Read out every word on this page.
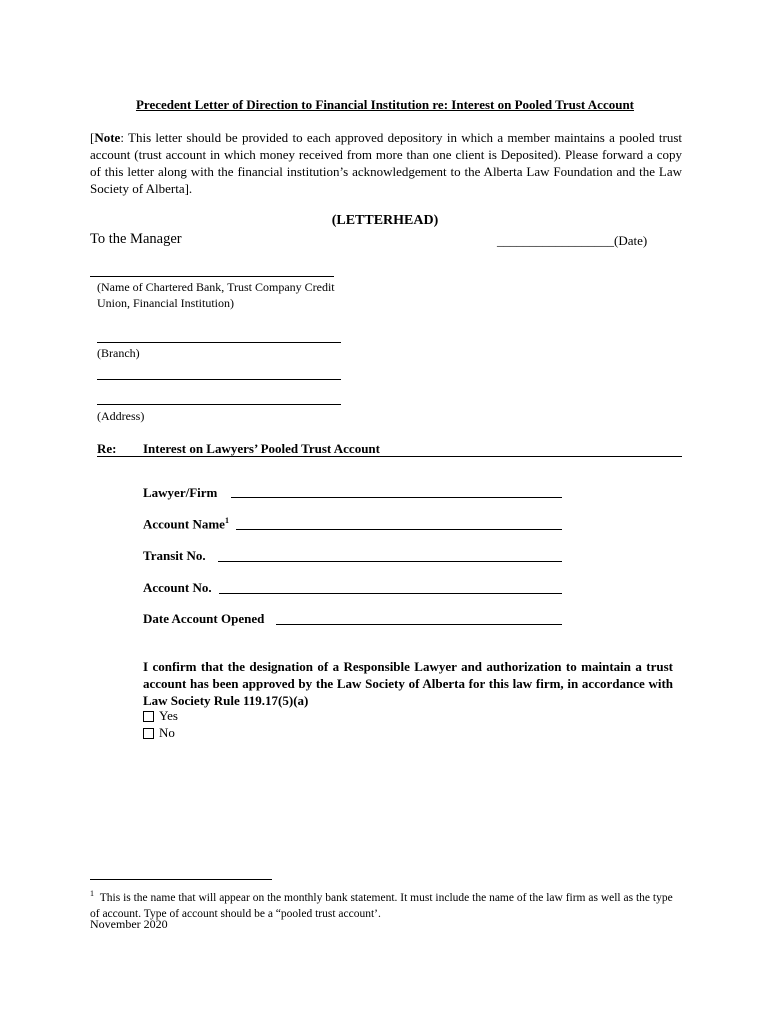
Precedent Letter of Direction to Financial Institution re: Interest on Pooled Trust Account
[Note: This letter should be provided to each approved depository in which a member maintains a pooled trust account (trust account in which money received from more than one client is Deposited). Please forward a copy of this letter along with the financial institution’s acknowledgement to the Alberta Law Foundation and the Law Society of Alberta].
(LETTERHEAD)
To the Manager	__________________(Date)
(Name of Chartered Bank, Trust Company Credit Union, Financial Institution)
(Branch)
(Address)
Re: Interest on Lawyers’ Pooled Trust Account
Lawyer/Firm
Account Name$^1$
Transit No.
Account No.
Date Account Opened
I confirm that the designation of a Responsible Lawyer and authorization to maintain a trust account has been approved by the Law Society of Alberta for this law firm, in accordance with Law Society Rule 119.17(5)(a)
Yes
No
$^1$ This is the name that will appear on the monthly bank statement. It must include the name of the law firm as well as the type of account. Type of account should be a “pooled trust account’.
November 2020
